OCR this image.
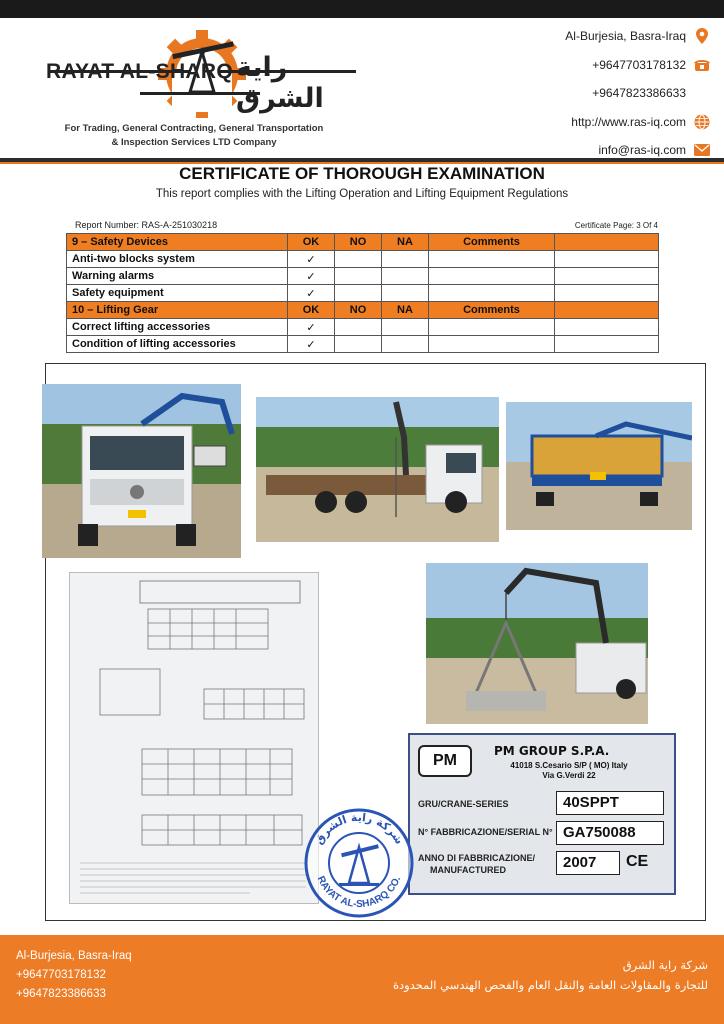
RAYAT AL-SHARQ راية الشرق
For Trading, General Contracting, General Transportation
& Inspection Services LTD Company
Al-Burjesia, Basra-Iraq
+9647703178132
+9647823386633
http://www.ras-iq.com
info@ras-iq.com
CERTIFICATE OF THOROUGH EXAMINATION
This report complies with the Lifting Operation and Lifting Equipment Regulations
Report Number: RAS-A-251030218	Certificate Page: 3 Of 4
9 – Safety Devices	OK	NO	NA	Comments	
Anti-two blocks system	✓				
Warning alarms	✓				
Safety equipment	✓				
10 – Lifting Gear	OK	NO	NA	Comments	
Correct lifting accessories	✓				
Condition of lifting accessories	✓				
PM
PM GROUP S.P.A.
41018 S.Cesario S/P ( MO) Italy
Via G.Verdi 22
GRU/CRANE-SERIES	40SPPT
N° FABBRICAZIONE/SERIAL N° GA750088
ANNO DI FABBRICAZIONE/
MANUFACTURED	2007	CE
شركة راية الشرق
RAYAT AL-SHARQ CO.
Al-Burjesia, Basra-Iraq
+9647703178132
+9647823386633
شركة راية الشرق
للتجارة والمقاولات العامة والنقل العام والفحص الهندسي المحدودة
